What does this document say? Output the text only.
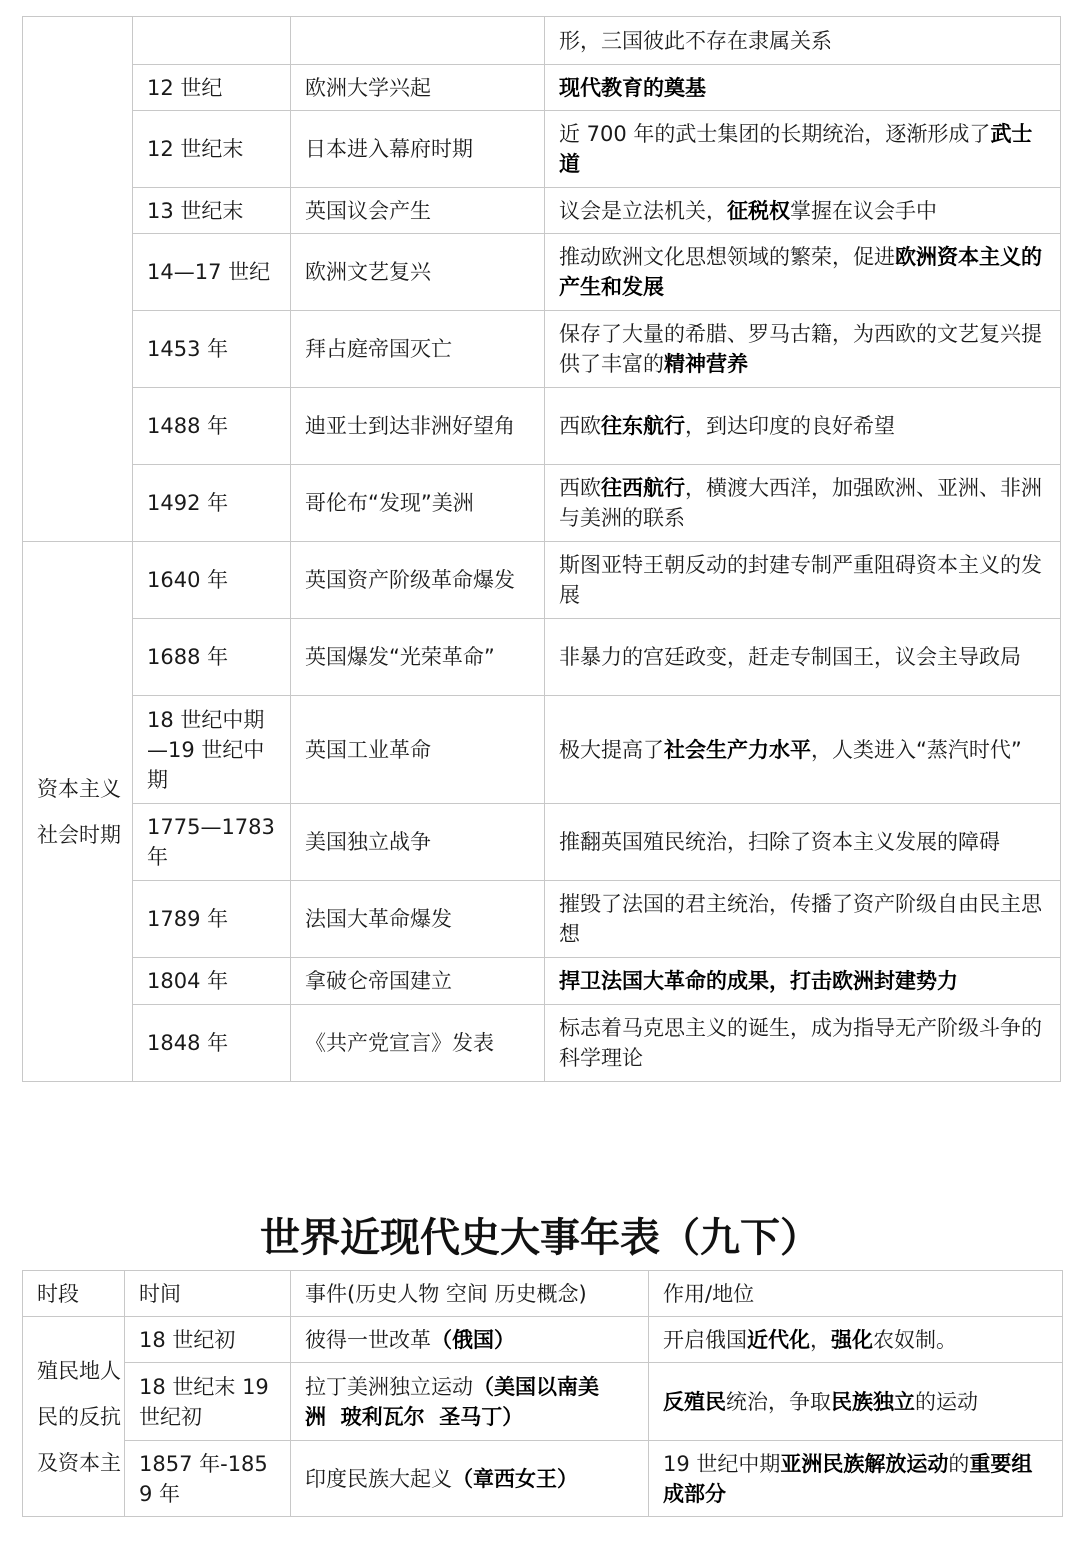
			形，三国彼此不存在隶属关系
	12 世纪	欧洲大学兴起	现代教育的奠基
	12 世纪末	日本进入幕府时期	近 700 年的武士集团的长期统治，逐渐形成了武士道
	13 世纪末	英国议会产生	议会是立法机关，征税权掌握在议会手中
	14—17 世纪	欧洲文艺复兴	推动欧洲文化思想领域的繁荣，促进欧洲资本主义的产生和发展
	1453 年	拜占庭帝国灭亡	保存了大量的希腊、罗马古籍，为西欧的文艺复兴提供了丰富的精神营养
	1488 年	迪亚士到达非洲好望角	西欧往东航行，到达印度的良好希望
	1492 年	哥伦布“发现”美洲	西欧往西航行，横渡大西洋，加强欧洲、亚洲、非洲与美洲的联系
资本主义社会时期	1640 年	英国资产阶级革命爆发	斯图亚特王朝反动的封建专制严重阻碍资本主义的发展
	1688 年	英国爆发“光荣革命”	非暴力的宫廷政变，赶走专制国王，议会主导政局
	18 世纪中期—19 世纪中期	英国工业革命	极大提高了社会生产力水平，人类进入“蒸汽时代”
	1775—1783 年	美国独立战争	推翻英国殖民统治，扫除了资本主义发展的障碍
	1789 年	法国大革命爆发	摧毁了法国的君主统治，传播了资产阶级自由民主思想
	1804 年	拿破仑帝国建立	捍卫法国大革命的成果，打击欧洲封建势力
	1848 年	《共产党宣言》发表	标志着马克思主义的诞生，成为指导无产阶级斗争的科学理论
世界近现代史大事年表（九下）
时段	时间	事件(历史人物 空间 历史概念)	作用/地位
殖民地人民的反抗及资本主	18 世纪初	彼得一世改革（俄国）	开启俄国近代化，强化农奴制。
	18 世纪末 19 世纪初	拉丁美洲独立运动（美国以南美洲  玻利瓦尔  圣马丁）	反殖民统治，争取民族独立的运动
	1857 年-1859 年	印度民族大起义（章西女王）	19 世纪中期亚洲民族解放运动的重要组成部分
